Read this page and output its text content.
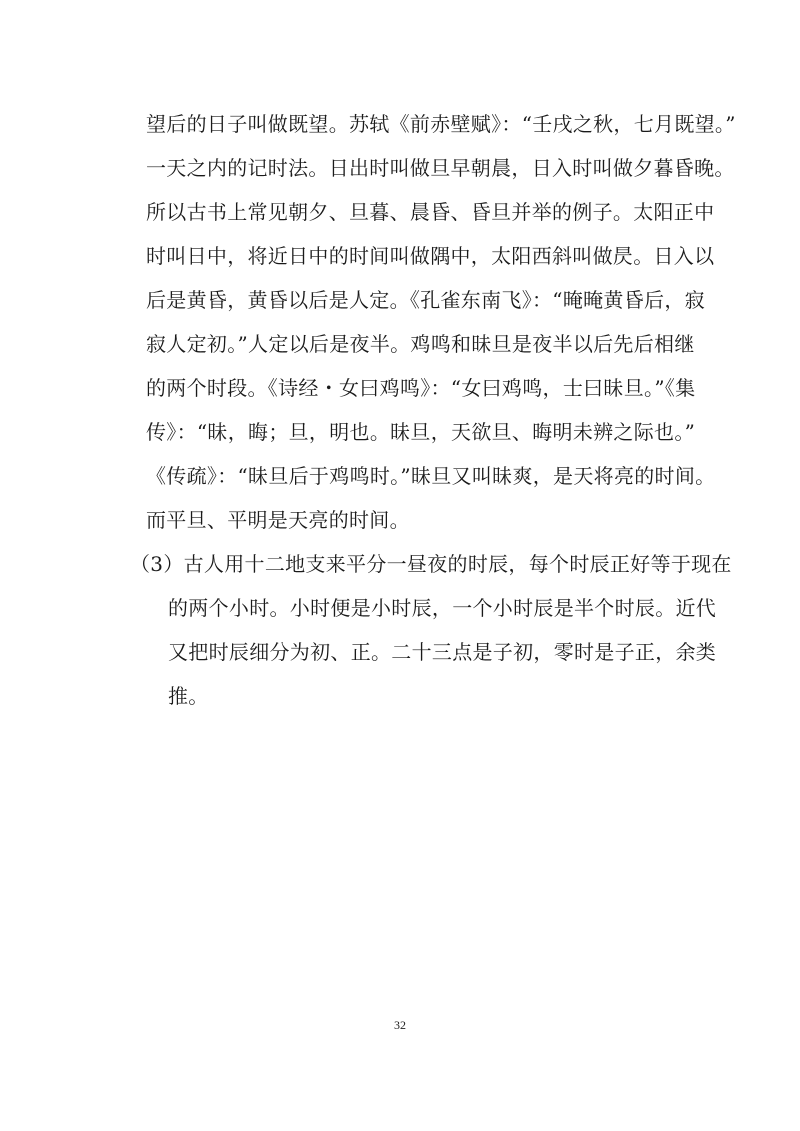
望后的日子叫做既望。苏轼《前赤壁赋》：“壬戌之秋，七月既望。”
一天之内的记时法。日出时叫做旦早朝晨，日入时叫做夕暮昏晚。
所以古书上常见朝夕、旦暮、晨昏、昏旦并举的例子。太阳正中
时叫日中，将近日中的时间叫做隅中，太阳西斜叫做昃。日入以
后是黄昏，黄昏以后是人定。《孔雀东南飞》：“晻晻黄昏后，寂
寂人定初。”人定以后是夜半。鸡鸣和昧旦是夜半以后先后相继
的两个时段。《诗经・女曰鸡鸣》：“女曰鸡鸣，士曰昧旦。”《集
传》：“昧，晦；旦，明也。昧旦，天欲旦、晦明未辨之际也。”
《传疏》：“昧旦后于鸡鸣时。”昧旦又叫昧爽，是天将亮的时间。
而平旦、平明是天亮的时间。
（3）古人用十二地支来平分一昼夜的时辰，每个时辰正好等于现在
的两个小时。小时便是小时辰，一个小时辰是半个时辰。近代
又把时辰细分为初、正。二十三点是子初，零时是子正，余类
推。
32
